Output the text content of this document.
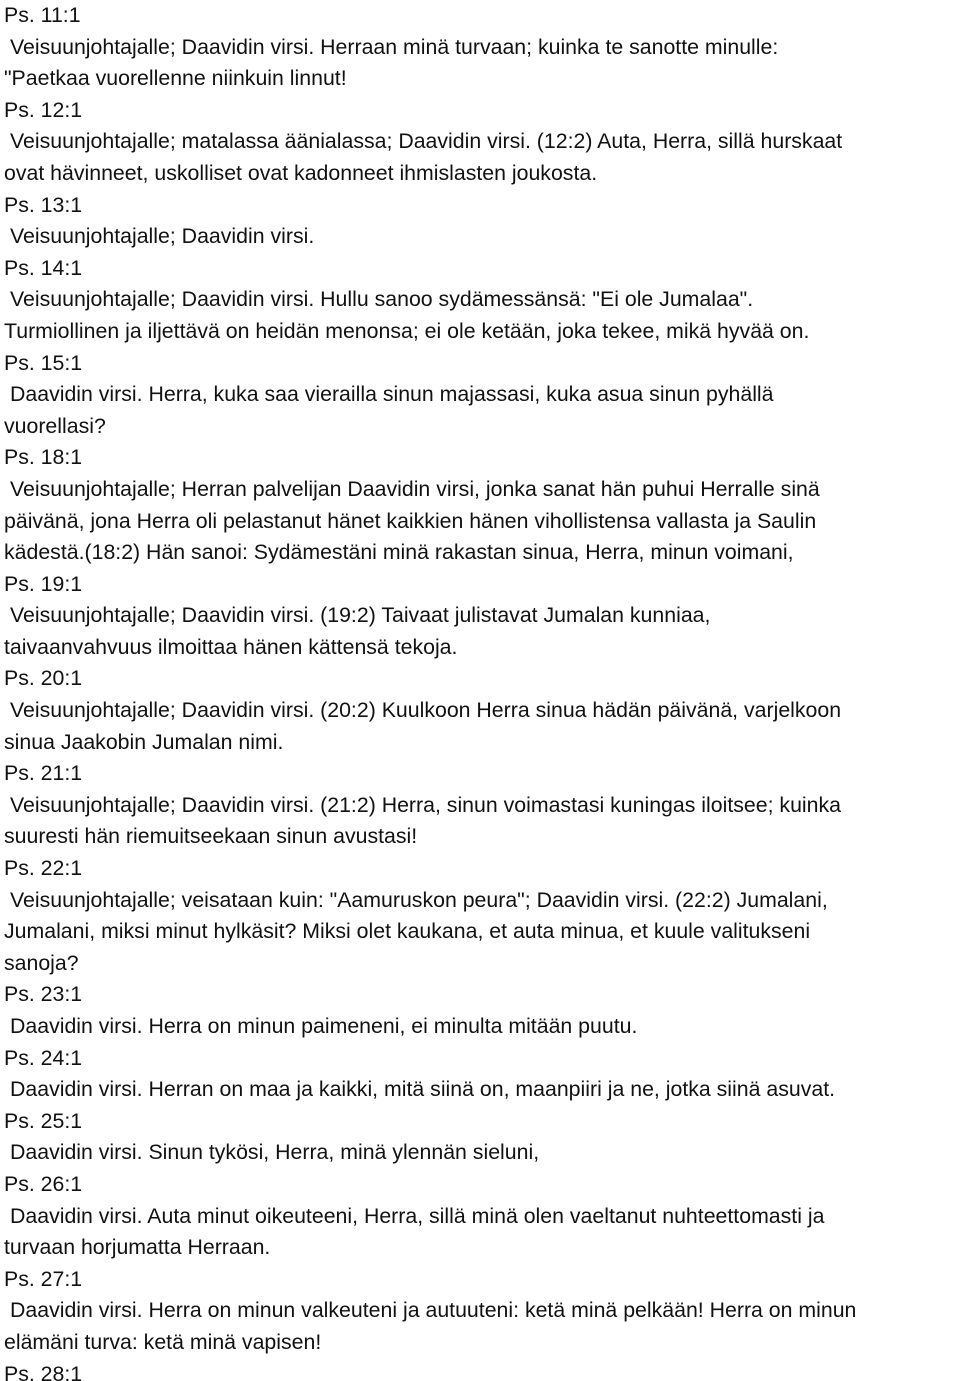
Ps. 11:1
Veisuunjohtajalle; Daavidin virsi. Herraan minä turvaan; kuinka te sanotte minulle:
"Paetkaa vuorellenne niinkuin linnut!
Ps. 12:1
Veisuunjohtajalle; matalassa äänialassa; Daavidin virsi. (12:2) Auta, Herra, sillä hurskaat
ovat hävinneet, uskolliset ovat kadonneet ihmislasten joukosta.
Ps. 13:1
Veisuunjohtajalle; Daavidin virsi.
Ps. 14:1
Veisuunjohtajalle; Daavidin virsi. Hullu sanoo sydämessänsä: "Ei ole Jumalaa".
Turmiollinen ja iljettävä on heidän menonsa; ei ole ketään, joka tekee, mikä hyvää on.
Ps. 15:1
Daavidin virsi. Herra, kuka saa vierailla sinun majassasi, kuka asua sinun pyhällä
vuorellasi?
Ps. 18:1
Veisuunjohtajalle; Herran palvelijan Daavidin virsi, jonka sanat hän puhui Herralle sinä
päivänä, jona Herra oli pelastanut hänet kaikkien hänen vihollistensa vallasta ja Saulin
kädestä.(18:2) Hän sanoi: Sydämestäni minä rakastan sinua, Herra, minun voimani,
Ps. 19:1
Veisuunjohtajalle; Daavidin virsi. (19:2) Taivaat julistavat Jumalan kunniaa,
taivaanvahvuus ilmoittaa hänen kättensä tekoja.
Ps. 20:1
Veisuunjohtajalle; Daavidin virsi. (20:2) Kuulkoon Herra sinua hädän päivänä, varjelkoon
sinua Jaakobin Jumalan nimi.
Ps. 21:1
Veisuunjohtajalle; Daavidin virsi. (21:2) Herra, sinun voimastasi kuningas iloitsee; kuinka
suuresti hän riemuitseekaan sinun avustasi!
Ps. 22:1
Veisuunjohtajalle; veisataan kuin: "Aamuruskon peura"; Daavidin virsi. (22:2) Jumalani,
Jumalani, miksi minut hylkäsit? Miksi olet kaukana, et auta minua, et kuule valitukseni
sanoja?
Ps. 23:1
Daavidin virsi. Herra on minun paimeneni, ei minulta mitään puutu.
Ps. 24:1
Daavidin virsi. Herran on maa ja kaikki, mitä siinä on, maanpiiri ja ne, jotka siinä asuvat.
Ps. 25:1
Daavidin virsi. Sinun tykösi, Herra, minä ylennän sieluni,
Ps. 26:1
Daavidin virsi. Auta minut oikeuteeni, Herra, sillä minä olen vaeltanut nuhteettomasti ja
turvaan horjumatta Herraan.
Ps. 27:1
Daavidin virsi. Herra on minun valkeuteni ja autuuteni: ketä minä pelkään! Herra on minun
elämäni turva: ketä minä vapisen!
Ps. 28:1
